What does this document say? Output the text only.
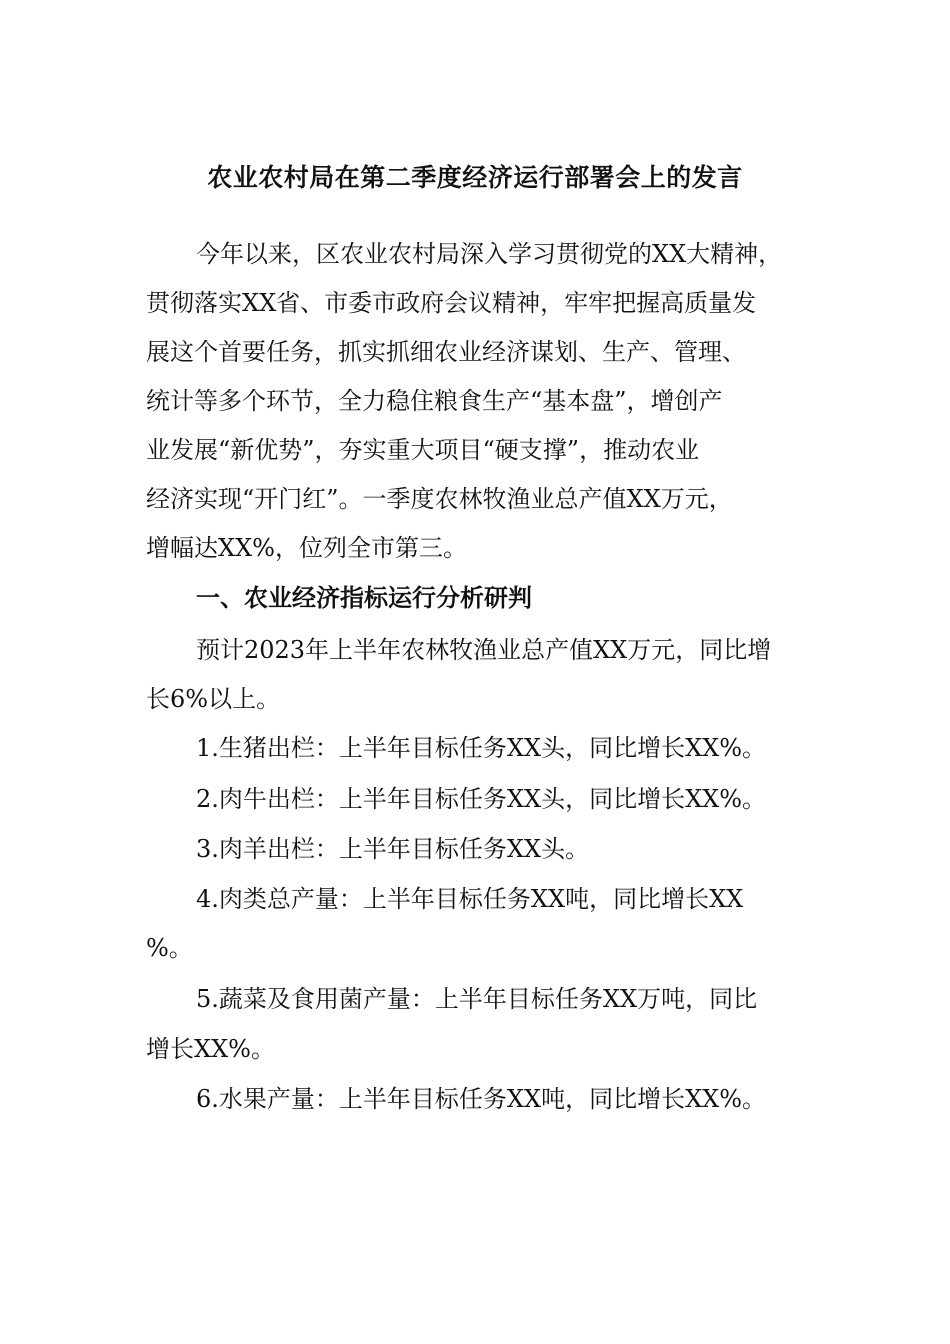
农业农村局在第二季度经济运行部署会上的发言

今年以来，区农业农村局深入学习贯彻党的XX大精神，

贯彻落实XX省、市委市政府会议精神，牢牢把握高质量发

展这个首要任务，抓实抓细农业经济谋划、生产、管理、

统计等多个环节，全力稳住粮食生产“基本盘”，增创产

业发展“新优势”，夯实重大项目“硬支撑”，推动农业

经济实现“开门红”。一季度农林牧渔业总产值XX万元，

增幅达XX%，位列全市第三。

一、农业经济指标运行分析研判

预计2023年上半年农林牧渔业总产值XX万元，同比增

长6%以上。

1.生猪出栏：上半年目标任务XX头，同比增长XX%。

2.肉牛出栏：上半年目标任务XX头，同比增长XX%。

3.肉羊出栏：上半年目标任务XX头。

4.肉类总产量：上半年目标任务XX吨，同比增长XX

%。

5.蔬菜及食用菌产量：上半年目标任务XX万吨，同比

增长XX%。

6.水果产量：上半年目标任务XX吨，同比增长XX%。
